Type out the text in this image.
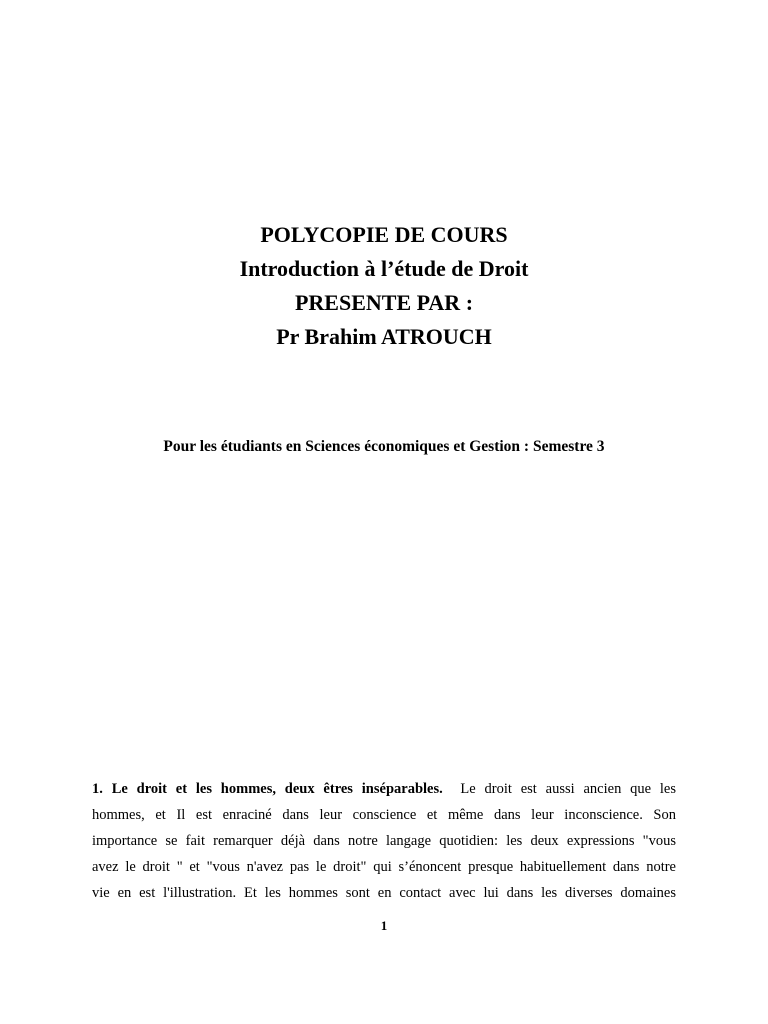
POLYCOPIE DE COURS
Introduction à l’étude de Droit
PRESENTE PAR :
Pr Brahim ATROUCH
Pour les étudiants en Sciences économiques et Gestion : Semestre 3
1. Le droit et les hommes, deux êtres inséparables. Le droit est aussi ancien que les
hommes, et Il est enraciné dans leur conscience et même dans leur inconscience. Son
importance se fait remarquer déjà dans notre langage quotidien: les deux expressions "vous
avez le droit " et "vous n'avez pas le droit" qui s’énoncent presque habituellement dans notre
vie en est l'illustration. Et les hommes sont en contact avec lui dans les diverses domaines
1
